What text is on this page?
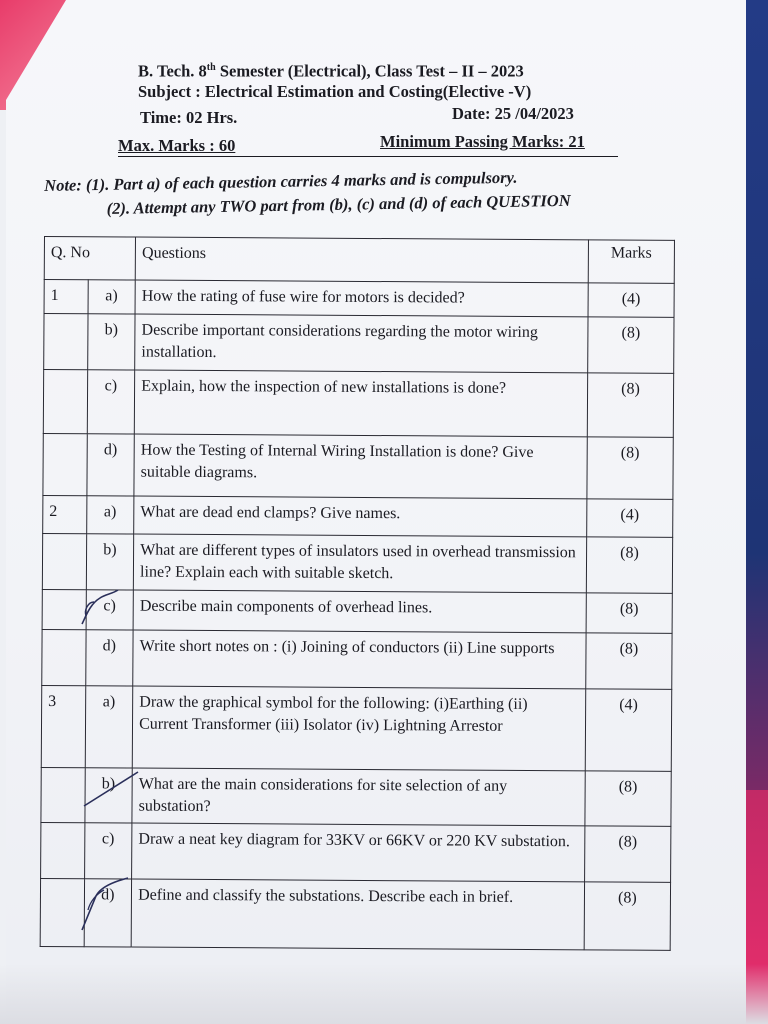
B. Tech. 8th Semester (Electrical), Class Test – II – 2023
Subject : Electrical Estimation and Costing(Elective -V)
Time: 02 Hrs.	Date: 25 /04/2023
Max. Marks : 60	Minimum Passing Marks: 21
Note: (1). Part a) of each question carries 4 marks and is compulsory.
(2). Attempt any TWO part from (b), (c) and (d) of each QUESTION
Q. No		Questions	Marks
1	a)	How the rating of fuse wire for motors is decided?	(4)
	b)	Describe important considerations regarding the motor wiring installation.	(8)
	c)	Explain, how the inspection of new installations is done?	(8)
	d)	How the Testing of Internal Wiring Installation is done? Give suitable diagrams.	(8)
2	a)	What are dead end clamps? Give names.	(4)
	b)	What are different types of insulators used in overhead transmission line? Explain each with suitable sketch.	(8)
	c)	Describe main components of overhead lines.	(8)
	d)	Write short notes on : (i) Joining of conductors (ii) Line supports	(8)
3	a)	Draw the graphical symbol for the following: (i)Earthing (ii) Current Transformer (iii) Isolator (iv) Lightning Arrestor	(4)
	b)	What are the main considerations for site selection of any substation?	(8)
	c)	Draw a neat key diagram for 33KV or 66KV or 220 KV substation.	(8)
	d)	Define and classify the substations. Describe each in brief.	(8)
